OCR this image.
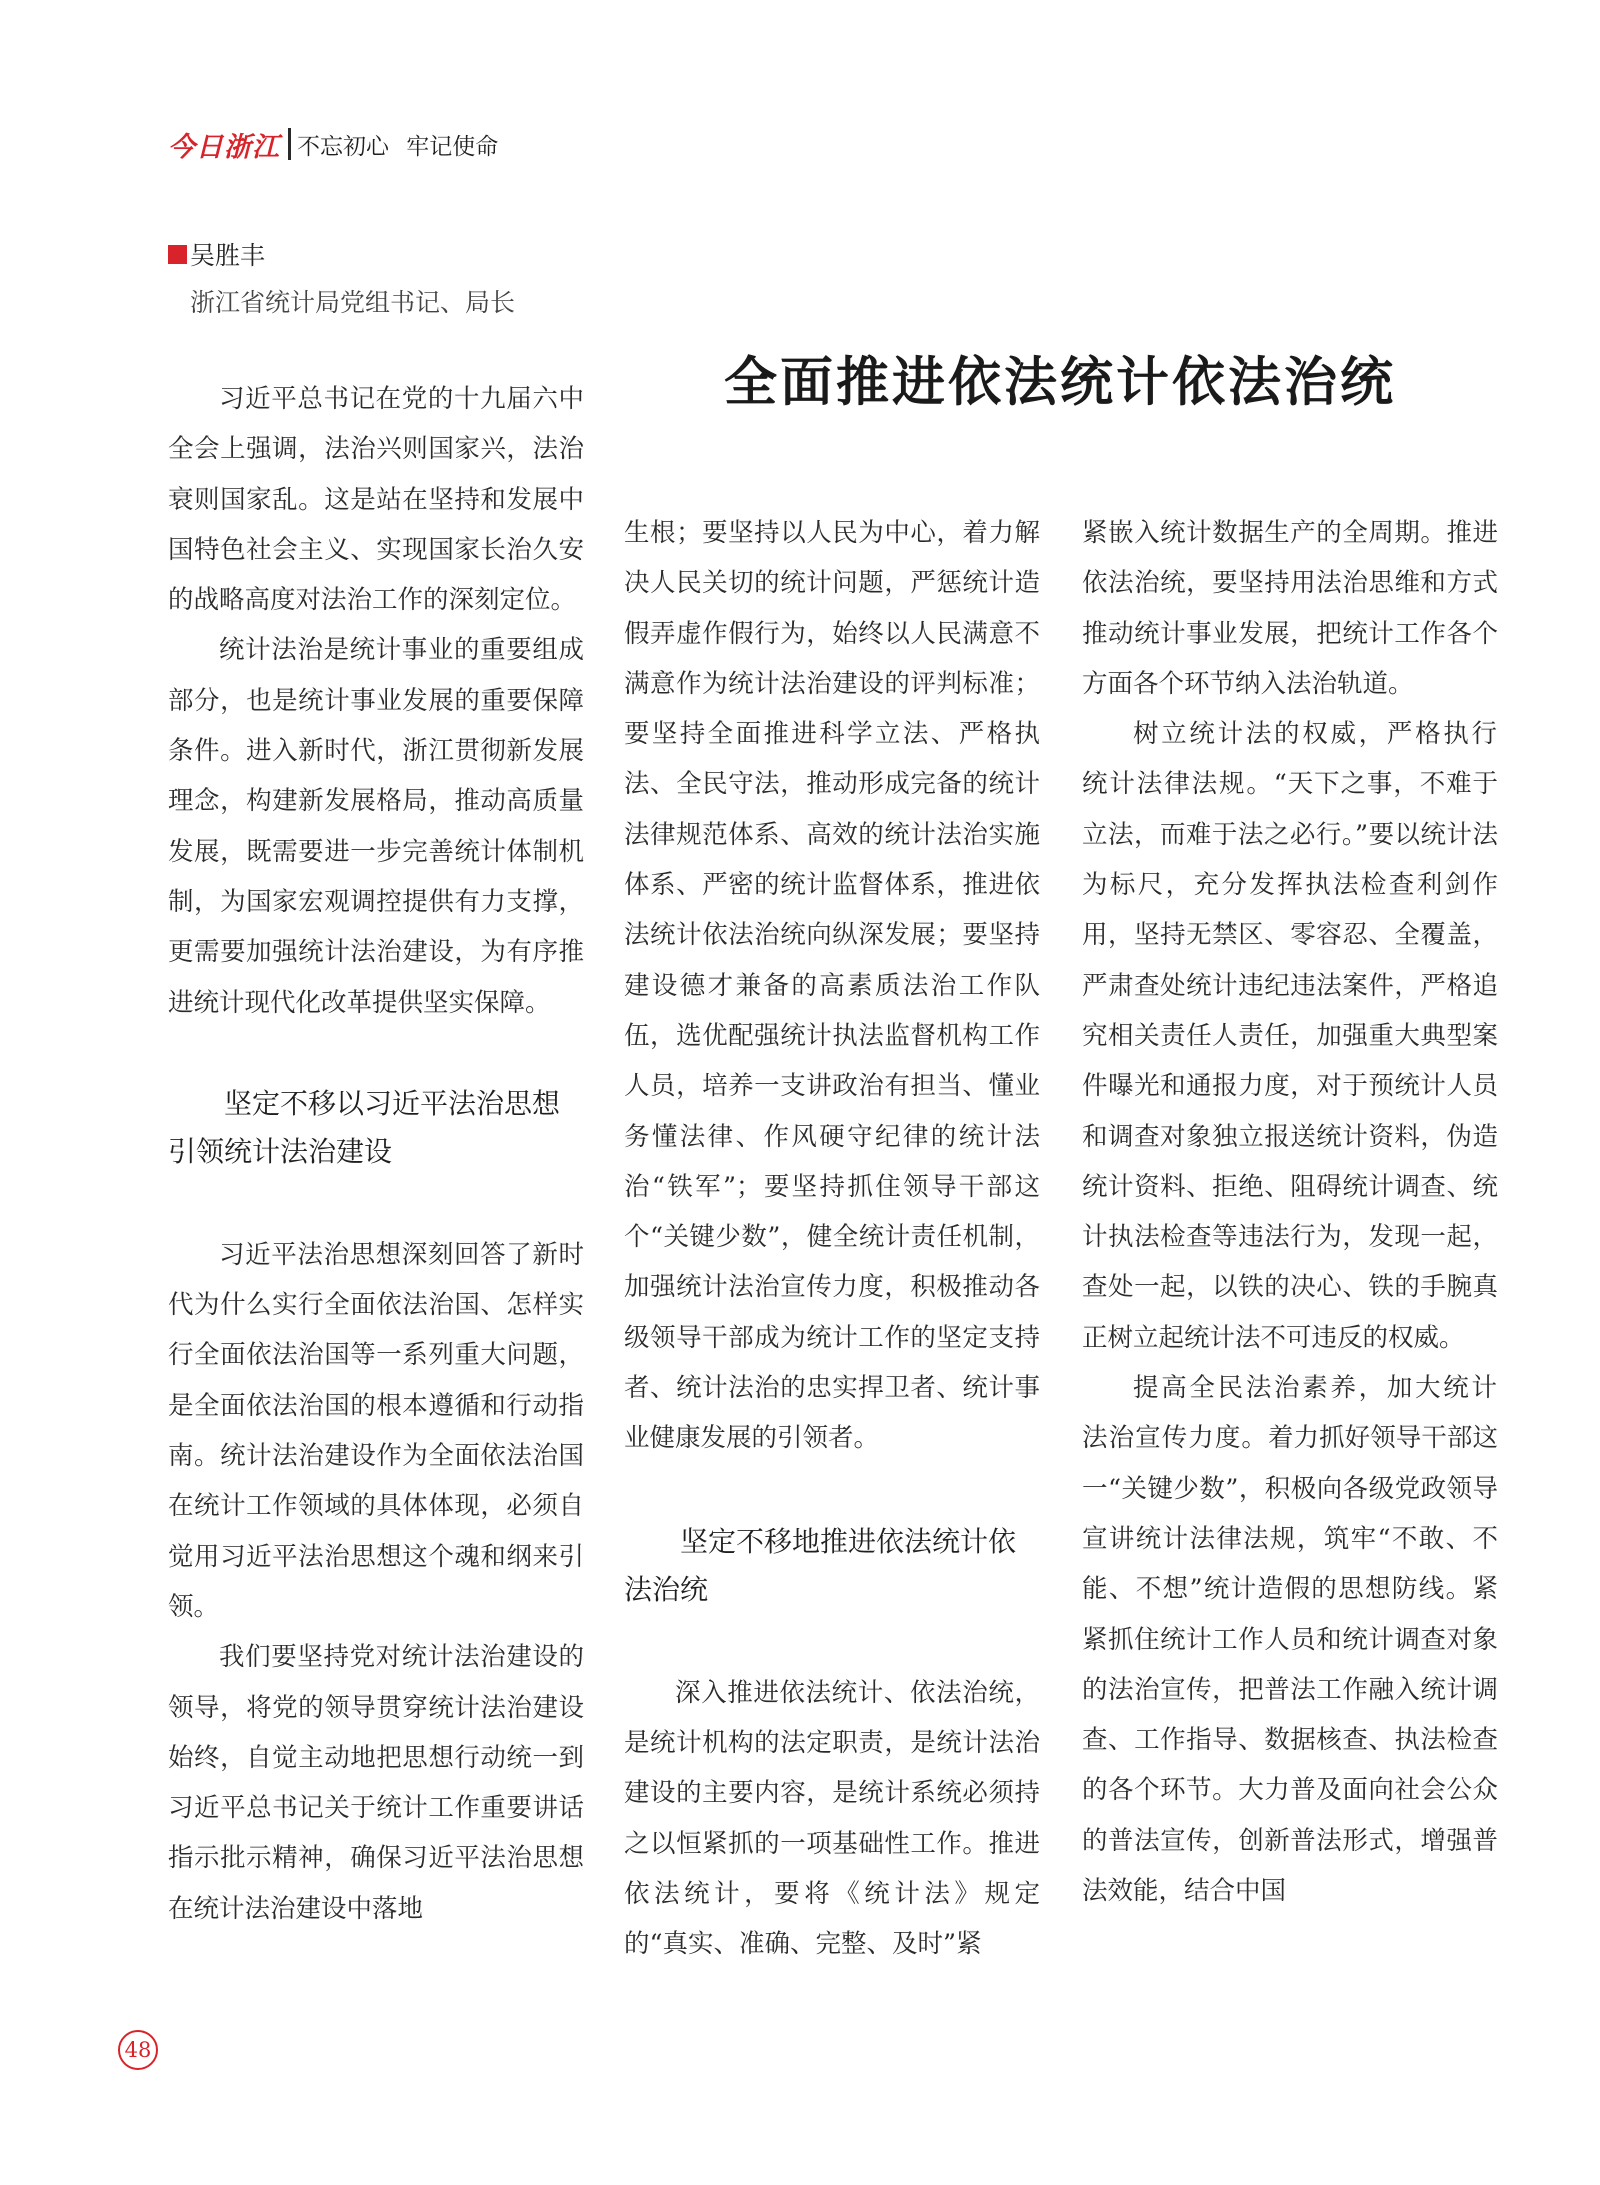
今日浙江 不忘初心 牢记使命
吴胜丰
浙江省统计局党组书记、局长
全面推进依法统计依法治统

习近平总书记在党的十九届六中全会上强调，法治兴则国家兴，法治衰则国家乱。这是站在坚持和发展中国特色社会主义、实现国家长治久安的战略高度对法治工作的深刻定位。

统计法治是统计事业的重要组成部分，也是统计事业发展的重要保障条件。进入新时代，浙江贯彻新发展理念，构建新发展格局，推动高质量发展，既需要进一步完善统计体制机制，为国家宏观调控提供有力支撑，更需要加强统计法治建设，为有序推进统计现代化改革提供坚实保障。

坚定不移以习近平法治思想引领统计法治建设

习近平法治思想深刻回答了新时代为什么实行全面依法治国、怎样实行全面依法治国等一系列重大问题，是全面依法治国的根本遵循和行动指南。统计法治建设作为全面依法治国在统计工作领域的具体体现，必须自觉用习近平法治思想这个魂和纲来引领。

我们要坚持党对统计法治建设的领导，将党的领导贯穿统计法治建设始终，自觉主动地把思想行动统一到习近平总书记关于统计工作重要讲话指示批示精神，确保习近平法治思想在统计法治建设中落地

生根；要坚持以人民为中心，着力解决人民关切的统计问题，严惩统计造假弄虚作假行为，始终以人民满意不满意作为统计法治建设的评判标准；要坚持全面推进科学立法、严格执法、全民守法，推动形成完备的统计法律规范体系、高效的统计法治实施体系、严密的统计监督体系，推进依法统计依法治统向纵深发展；要坚持建设德才兼备的高素质法治工作队伍，选优配强统计执法监督机构工作人员，培养一支讲政治有担当、懂业务懂法律、作风硬守纪律的统计法治“铁军”；要坚持抓住领导干部这个“关键少数”，健全统计责任机制，加强统计法治宣传力度，积极推动各级领导干部成为统计工作的坚定支持者、统计法治的忠实捍卫者、统计事业健康发展的引领者。

坚定不移地推进依法统计依法治统

深入推进依法统计、依法治统，是统计机构的法定职责，是统计法治建设的主要内容，是统计系统必须持之以恒紧抓的一项基础性工作。推进依法统计，要将《统计法》规定的“真实、准确、完整、及时”紧

紧嵌入统计数据生产的全周期。推进依法治统，要坚持用法治思维和方式推动统计事业发展，把统计工作各个方面各个环节纳入法治轨道。

树立统计法的权威，严格执行统计法律法规。“天下之事，不难于立法，而难于法之必行。”要以统计法为标尺，充分发挥执法检查利剑作用，坚持无禁区、零容忍、全覆盖，严肃查处统计违纪违法案件，严格追究相关责任人责任，加强重大典型案件曝光和通报力度，对于预统计人员和调查对象独立报送统计资料，伪造统计资料、拒绝、阻碍统计调查、统计执法检查等违法行为，发现一起，查处一起，以铁的决心、铁的手腕真正树立起统计法不可违反的权威。

提高全民法治素养，加大统计法治宣传力度。着力抓好领导干部这一“关键少数”，积极向各级党政领导宣讲统计法律法规，筑牢“不敢、不能、不想”统计造假的思想防线。紧紧抓住统计工作人员和统计调查对象的法治宣传，把普法工作融入统计调查、工作指导、数据核查、执法检查的各个环节。大力普及面向社会公众的普法宣传，创新普法形式，增强普法效能，结合中国

48
